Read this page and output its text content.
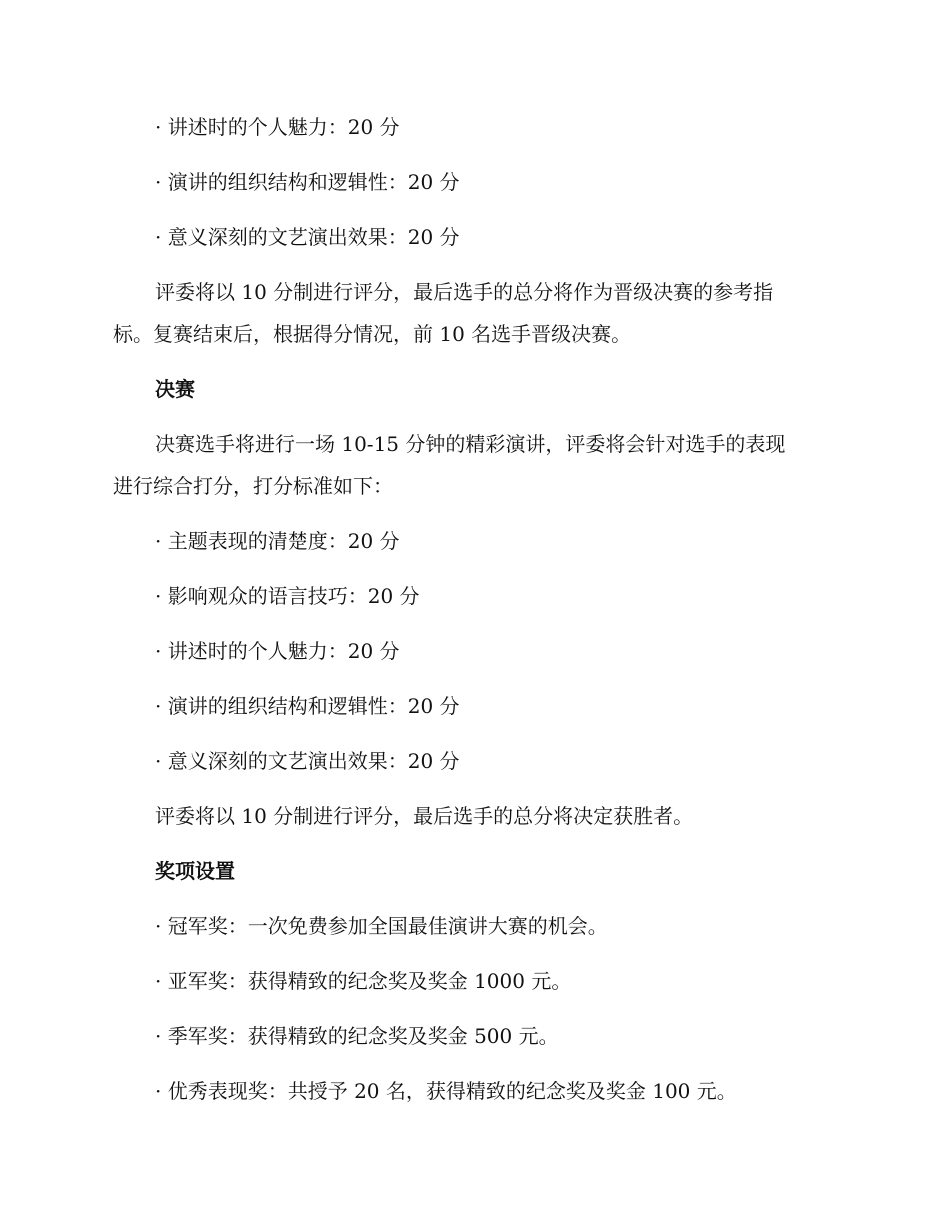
· 讲述时的个人魅力：20 分
· 演讲的组织结构和逻辑性：20 分
· 意义深刻的文艺演出效果：20 分
评委将以 10 分制进行评分，最后选手的总分将作为晋级决赛的参考指
标。复赛结束后，根据得分情况，前 10 名选手晋级决赛。
决赛
决赛选手将进行一场 10-15 分钟的精彩演讲，评委将会针对选手的表现
进行综合打分，打分标准如下：
· 主题表现的清楚度：20 分
· 影响观众的语言技巧：20 分
· 讲述时的个人魅力：20 分
· 演讲的组织结构和逻辑性：20 分
· 意义深刻的文艺演出效果：20 分
评委将以 10 分制进行评分，最后选手的总分将决定获胜者。
奖项设置
· 冠军奖：一次免费参加全国最佳演讲大赛的机会。
· 亚军奖：获得精致的纪念奖及奖金 1000 元。
· 季军奖：获得精致的纪念奖及奖金 500 元。
· 优秀表现奖：共授予 20 名，获得精致的纪念奖及奖金 100 元。
